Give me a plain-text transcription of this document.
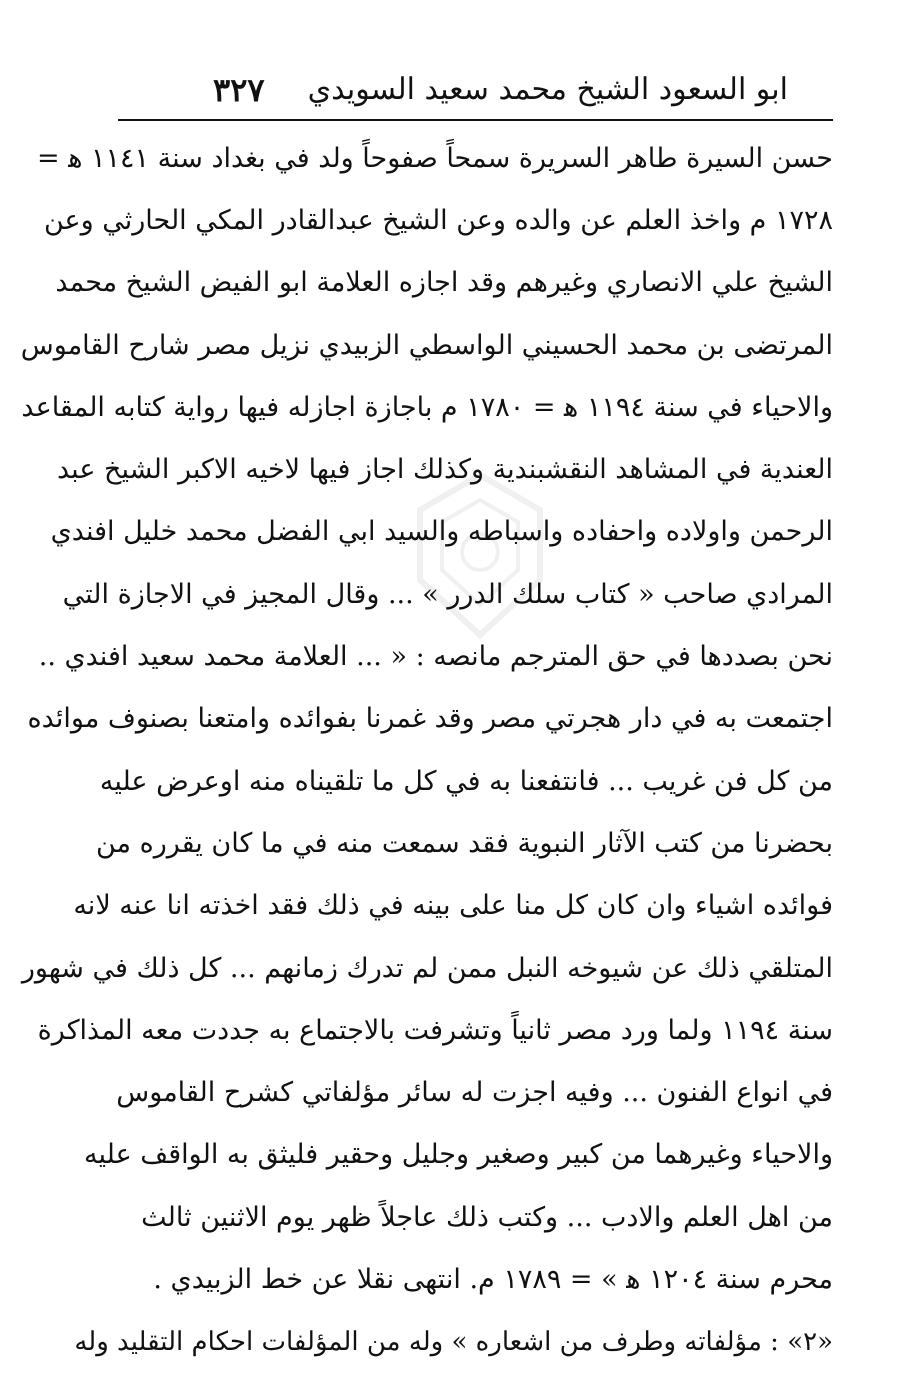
ابو السعود الشيخ محمد سعيد السويدي
٣٢٧
حسن السيرة طاهر السريرة سمحاً صفوحاً ولد في بغداد سنة ١١٤١ ﻫ =
١٧٢٨ م واخذ العلم عن والده وعن الشيخ عبدالقادر المكي الحارثي وعن
الشيخ علي الانصاري وغيرهم وقد اجازه العلامة ابو الفيض الشيخ محمد
المرتضى بن محمد الحسيني الواسطي الزبيدي نزيل مصر شارح القاموس
والاحياء في سنة ١١٩٤ ﻫ = ١٧٨٠ م باجازة اجازله فيها رواية كتابه المقاعد
العندية في المشاهد النقشبندية وكذلك اجاز فيها لاخيه الاكبر الشيخ عبد
الرحمن واولاده واحفاده واسباطه والسيد ابي الفضل محمد خليل افندي
المرادي صاحب « كتاب سلك الدرر » ... وقال المجيز في الاجازة التي
نحن بصددها في حق المترجم مانصه : « ... العلامة محمد سعيد افندي ..
اجتمعت به في دار هجرتي مصر وقد غمرنا بفوائده وامتعنا بصنوف موائده
من كل فن غريب ... فانتفعنا به في كل ما تلقيناه منه اوعرض عليه
بحضرنا من كتب الآثار النبوية فقد سمعت منه في ما كان يقرره من
فوائده اشياء وان كان كل منا على بينه في ذلك فقد اخذته انا عنه لانه
المتلقي ذلك عن شيوخه النبل ممن لم تدرك زمانهم ... كل ذلك في شهور
سنة ١١٩٤ ولما ورد مصر ثانياً وتشرفت بالاجتماع به جددت معه المذاكرة
في انواع الفنون ... وفيه اجزت له سائر مؤلفاتي كشرح القاموس
والاحياء وغيرهما من كبير وصغير وجليل وحقير فليثق به الواقف عليه
من اهل العلم والادب ... وكتب ذلك عاجلاً ظهر يوم الاثنين ثالث
محرم سنة ١٢٠٤ ﻫ » = ١٧٨٩ م. انتهى نقلا عن خط الزبيدي .
«٢» : مؤلفاته وطرف من اشعاره » وله من المؤلفات احكام التقليد وله
